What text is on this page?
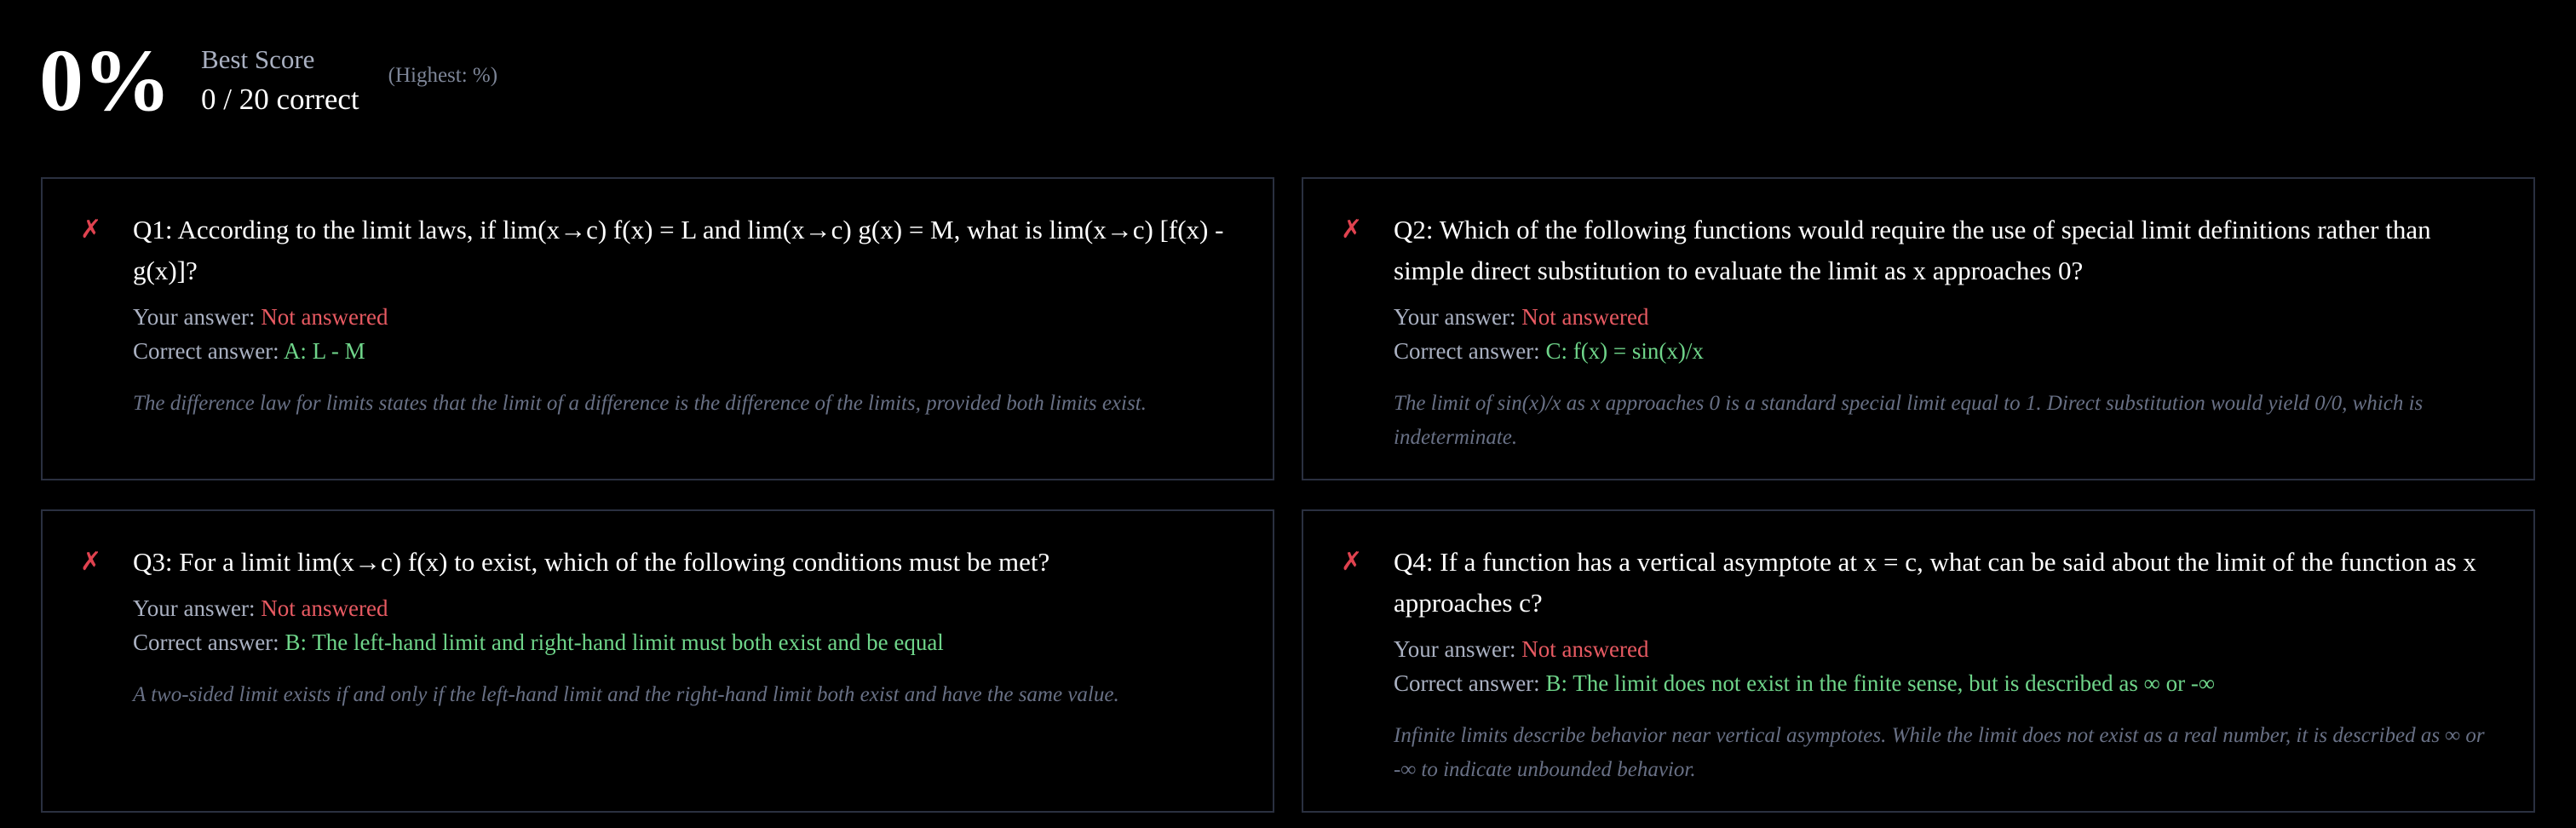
0% Best Score
0 / 20 correct
(Highest: %)
✗	Q1: According to the limit laws, if lim(x→c) f(x) = L and lim(x→c) g(x) = M, what is lim(x→c) [f(x) - g(x)]?
Your answer: Not answered
Correct answer: A: L - M
The difference law for limits states that the limit of a difference is the difference of the limits, provided both limits exist.
✗	Q2: Which of the following functions would require the use of special limit definitions rather than simple direct substitution to evaluate the limit as x approaches 0?
Your answer: Not answered
Correct answer: C: f(x) = sin(x)/x
The limit of sin(x)/x as x approaches 0 is a standard special limit equal to 1. Direct substitution would yield 0/0, which is indeterminate.
✗	Q3: For a limit lim(x→c) f(x) to exist, which of the following conditions must be met?
Your answer: Not answered
Correct answer: B: The left-hand limit and right-hand limit must both exist and be equal
A two-sided limit exists if and only if the left-hand limit and the right-hand limit both exist and have the same value.
✗	Q4: If a function has a vertical asymptote at x = c, what can be said about the limit of the function as x approaches c?
Your answer: Not answered
Correct answer: B: The limit does not exist in the finite sense, but is described as ∞ or -∞
Infinite limits describe behavior near vertical asymptotes. While the limit does not exist as a real number, it is described as ∞ or -∞ to indicate unbounded behavior.
